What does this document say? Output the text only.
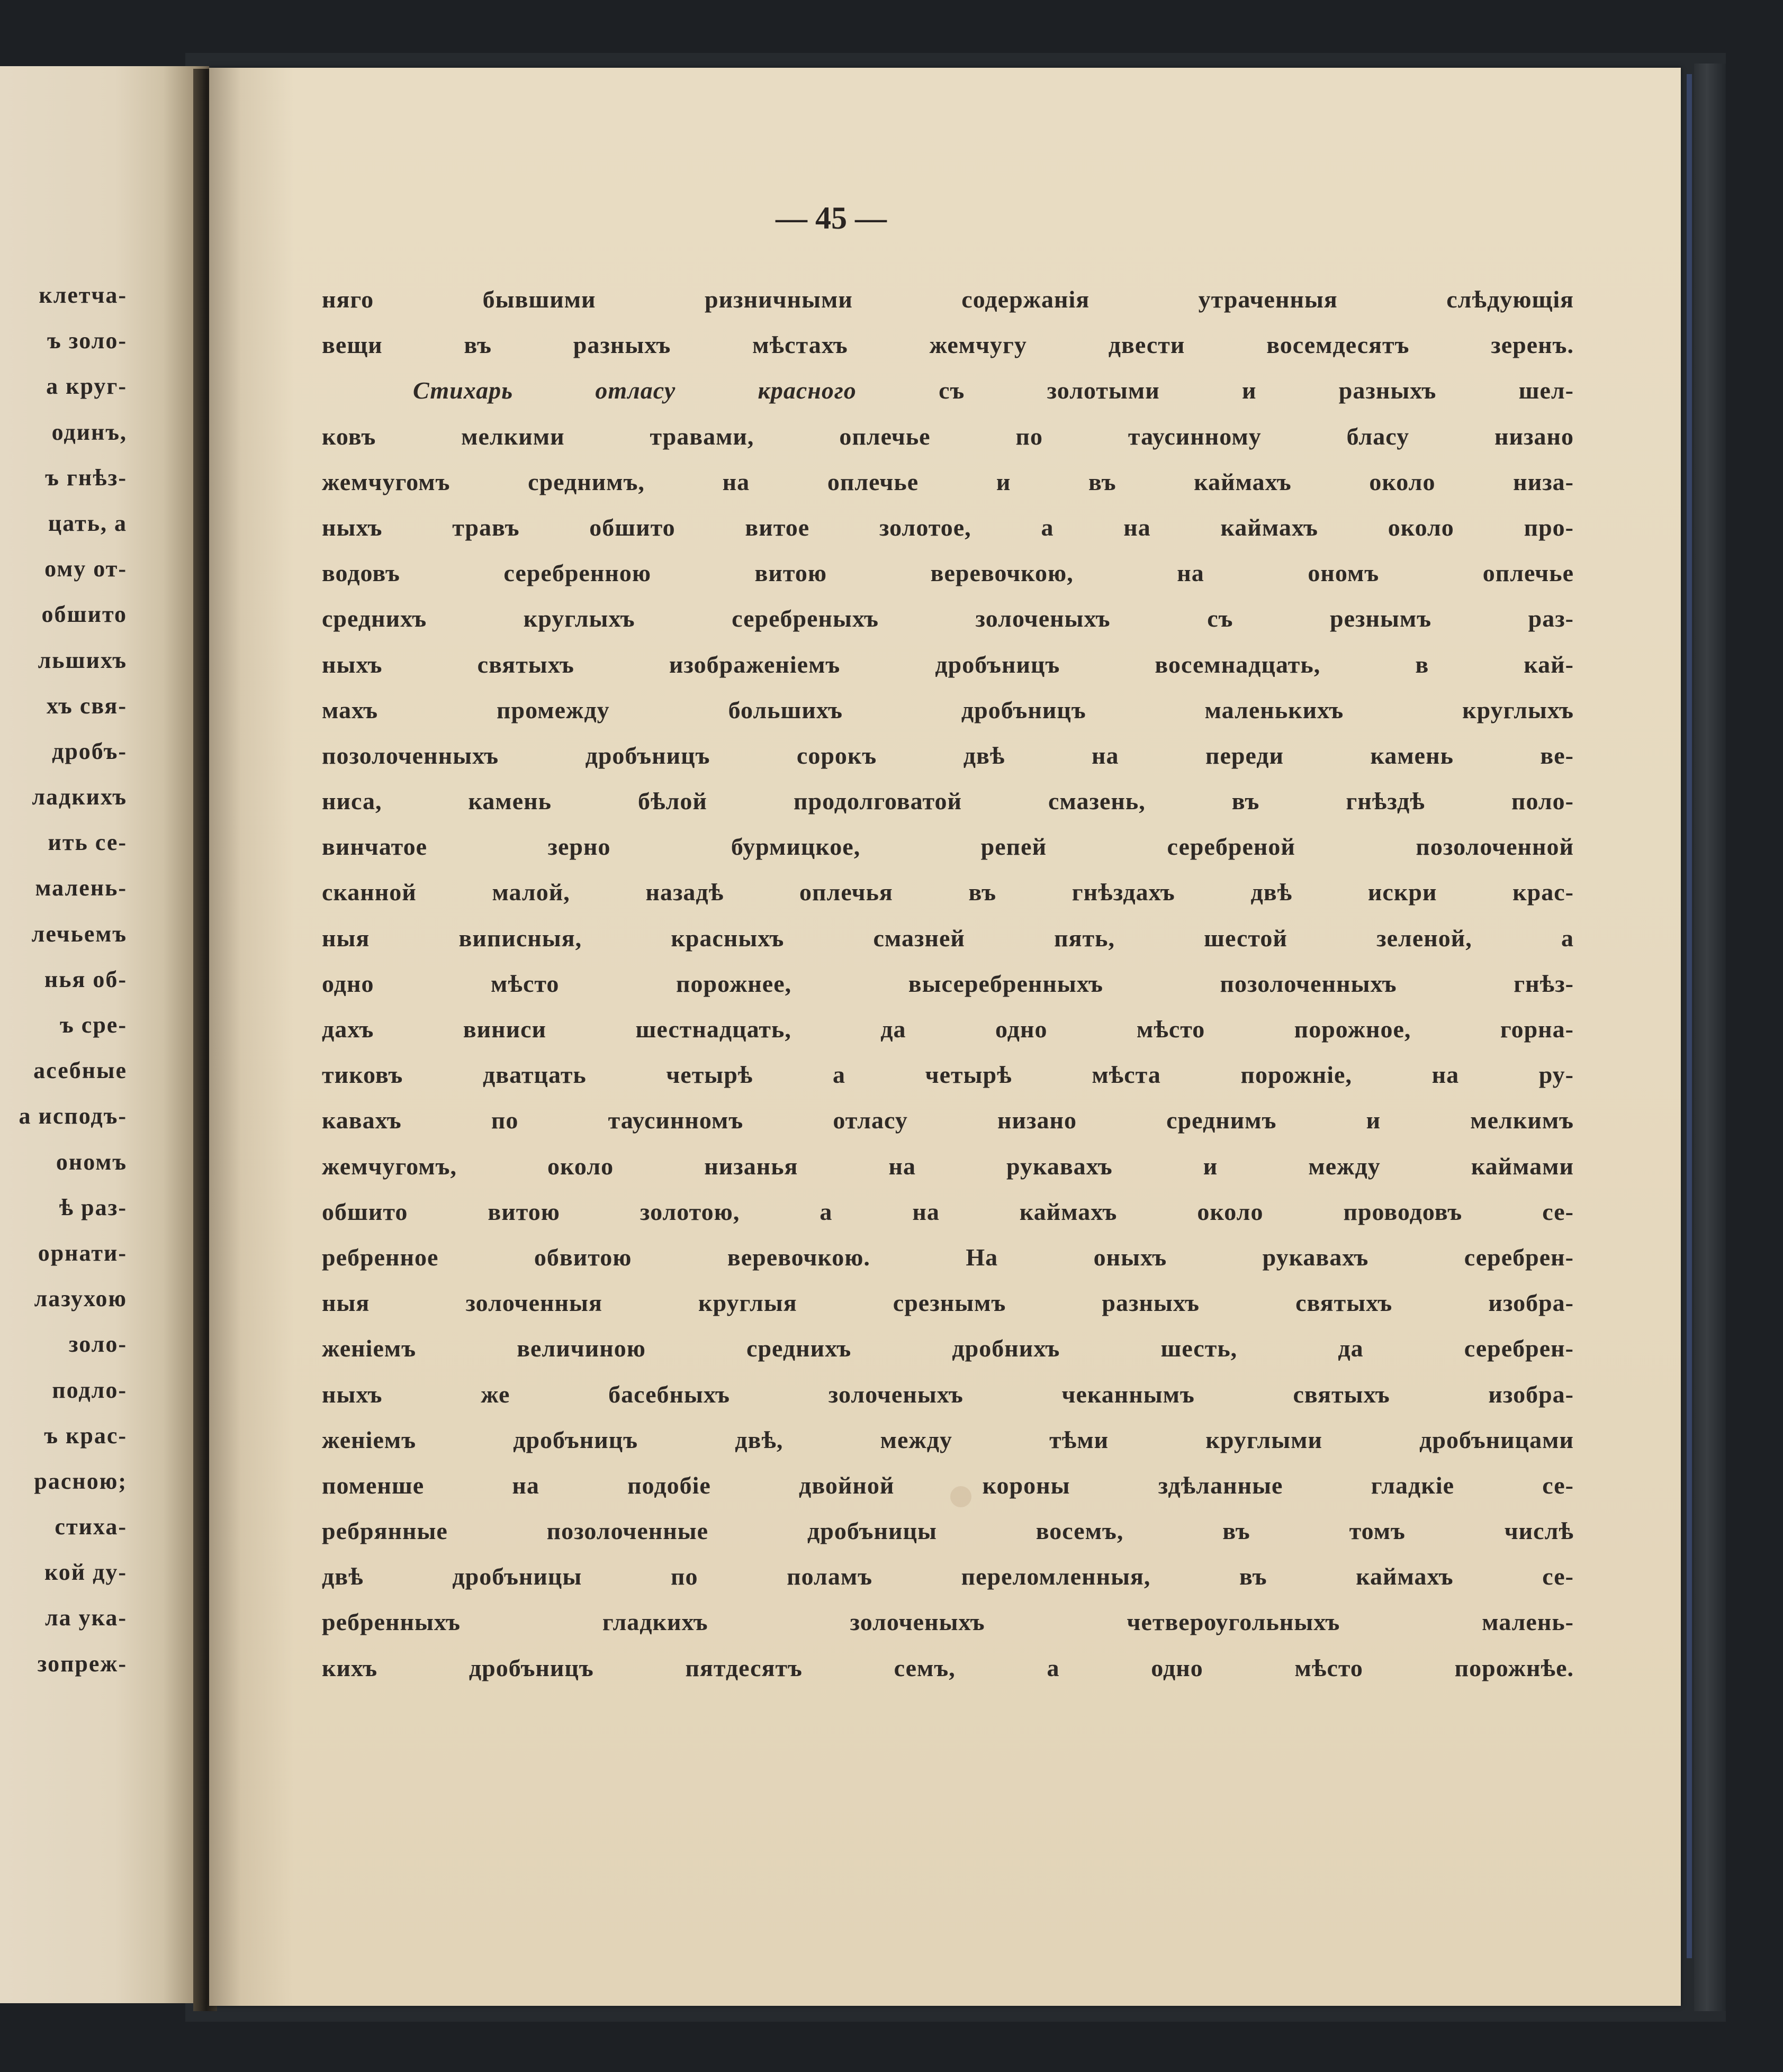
клетча-
ъ золо-
а круг-
одинъ,
ъ гнѣз-
цать, а
ому от-
обшито
льшихъ
хъ свя-
дробъ-
ладкихъ
ить се-
малень-
лечьемъ
нья об-
ъ сре-
асебные
а исподъ-
ономъ
ѣ раз-
орнати-
лазухою
золо-
подло-
ъ крас-
расною;
стиха-
кой ду-
ла ука-
зопреж-
— 45 —
няго бывшими ризничными содержанія утраченныя слѣдующія
вещи въ разныхъ мѣстахъ жемчугу двести восемдесятъ зеренъ.
Стихарь отласу красного съ золотыми и разныхъ шел-
ковъ мелкими травами, оплечье по таусинному бласу низано
жемчугомъ среднимъ, на оплечье и въ каймахъ около низа-
ныхъ травъ обшито витое золотое, а на каймахъ около про-
водовъ серебренною витою веревочкою, на ономъ оплечье
среднихъ круглыхъ серебреныхъ золоченыхъ съ резнымъ раз-
ныхъ святыхъ изображеніемъ дробъницъ восемнадцать, в кай-
махъ промежду большихъ дробъницъ маленькихъ круглыхъ
позолоченныхъ дробъницъ сорокъ двѣ на переди камень ве-
ниса, камень бѣлой продолговатой смазень, въ гнѣздѣ поло-
винчатое зерно бурмицкое, репей серебреной позолоченной
сканной малой, назадѣ оплечья въ гнѣздахъ двѣ искри крас-
ныя виписныя, красныхъ смазней пять, шестой зеленой, а
одно мѣсто порожнее, высеребренныхъ позолоченныхъ гнѣз-
дахъ виниси шестнадцать, да одно мѣсто порожное, горна-
тиковъ дватцать четырѣ а четырѣ мѣста порожніе, на ру-
кавахъ по таусинномъ отласу низано среднимъ и мелкимъ
жемчугомъ, около низанья на рукавахъ и между каймами
обшито витою золотою, а на каймахъ около проводовъ се-
ребренное обвитою веревочкою. На оныхъ рукавахъ серебрен-
ныя золоченныя круглыя срезнымъ разныхъ святыхъ изобра-
женіемъ величиною среднихъ дробнихъ шесть, да серебрен-
ныхъ же басебныхъ золоченыхъ чеканнымъ святыхъ изобра-
женіемъ дробъницъ двѣ, между тѣми круглыми дробъницами
поменше на подобіе двойной короны здѣланные гладкіе се-
ребрянные позолоченные дробъницы восемъ, въ томъ числѣ
двѣ дробъницы по поламъ переломленныя, въ каймахъ се-
ребренныхъ гладкихъ золоченыхъ четвероугольныхъ малень-
кихъ дробъницъ пятдесятъ семъ, а одно мѣсто порожнѣе.
